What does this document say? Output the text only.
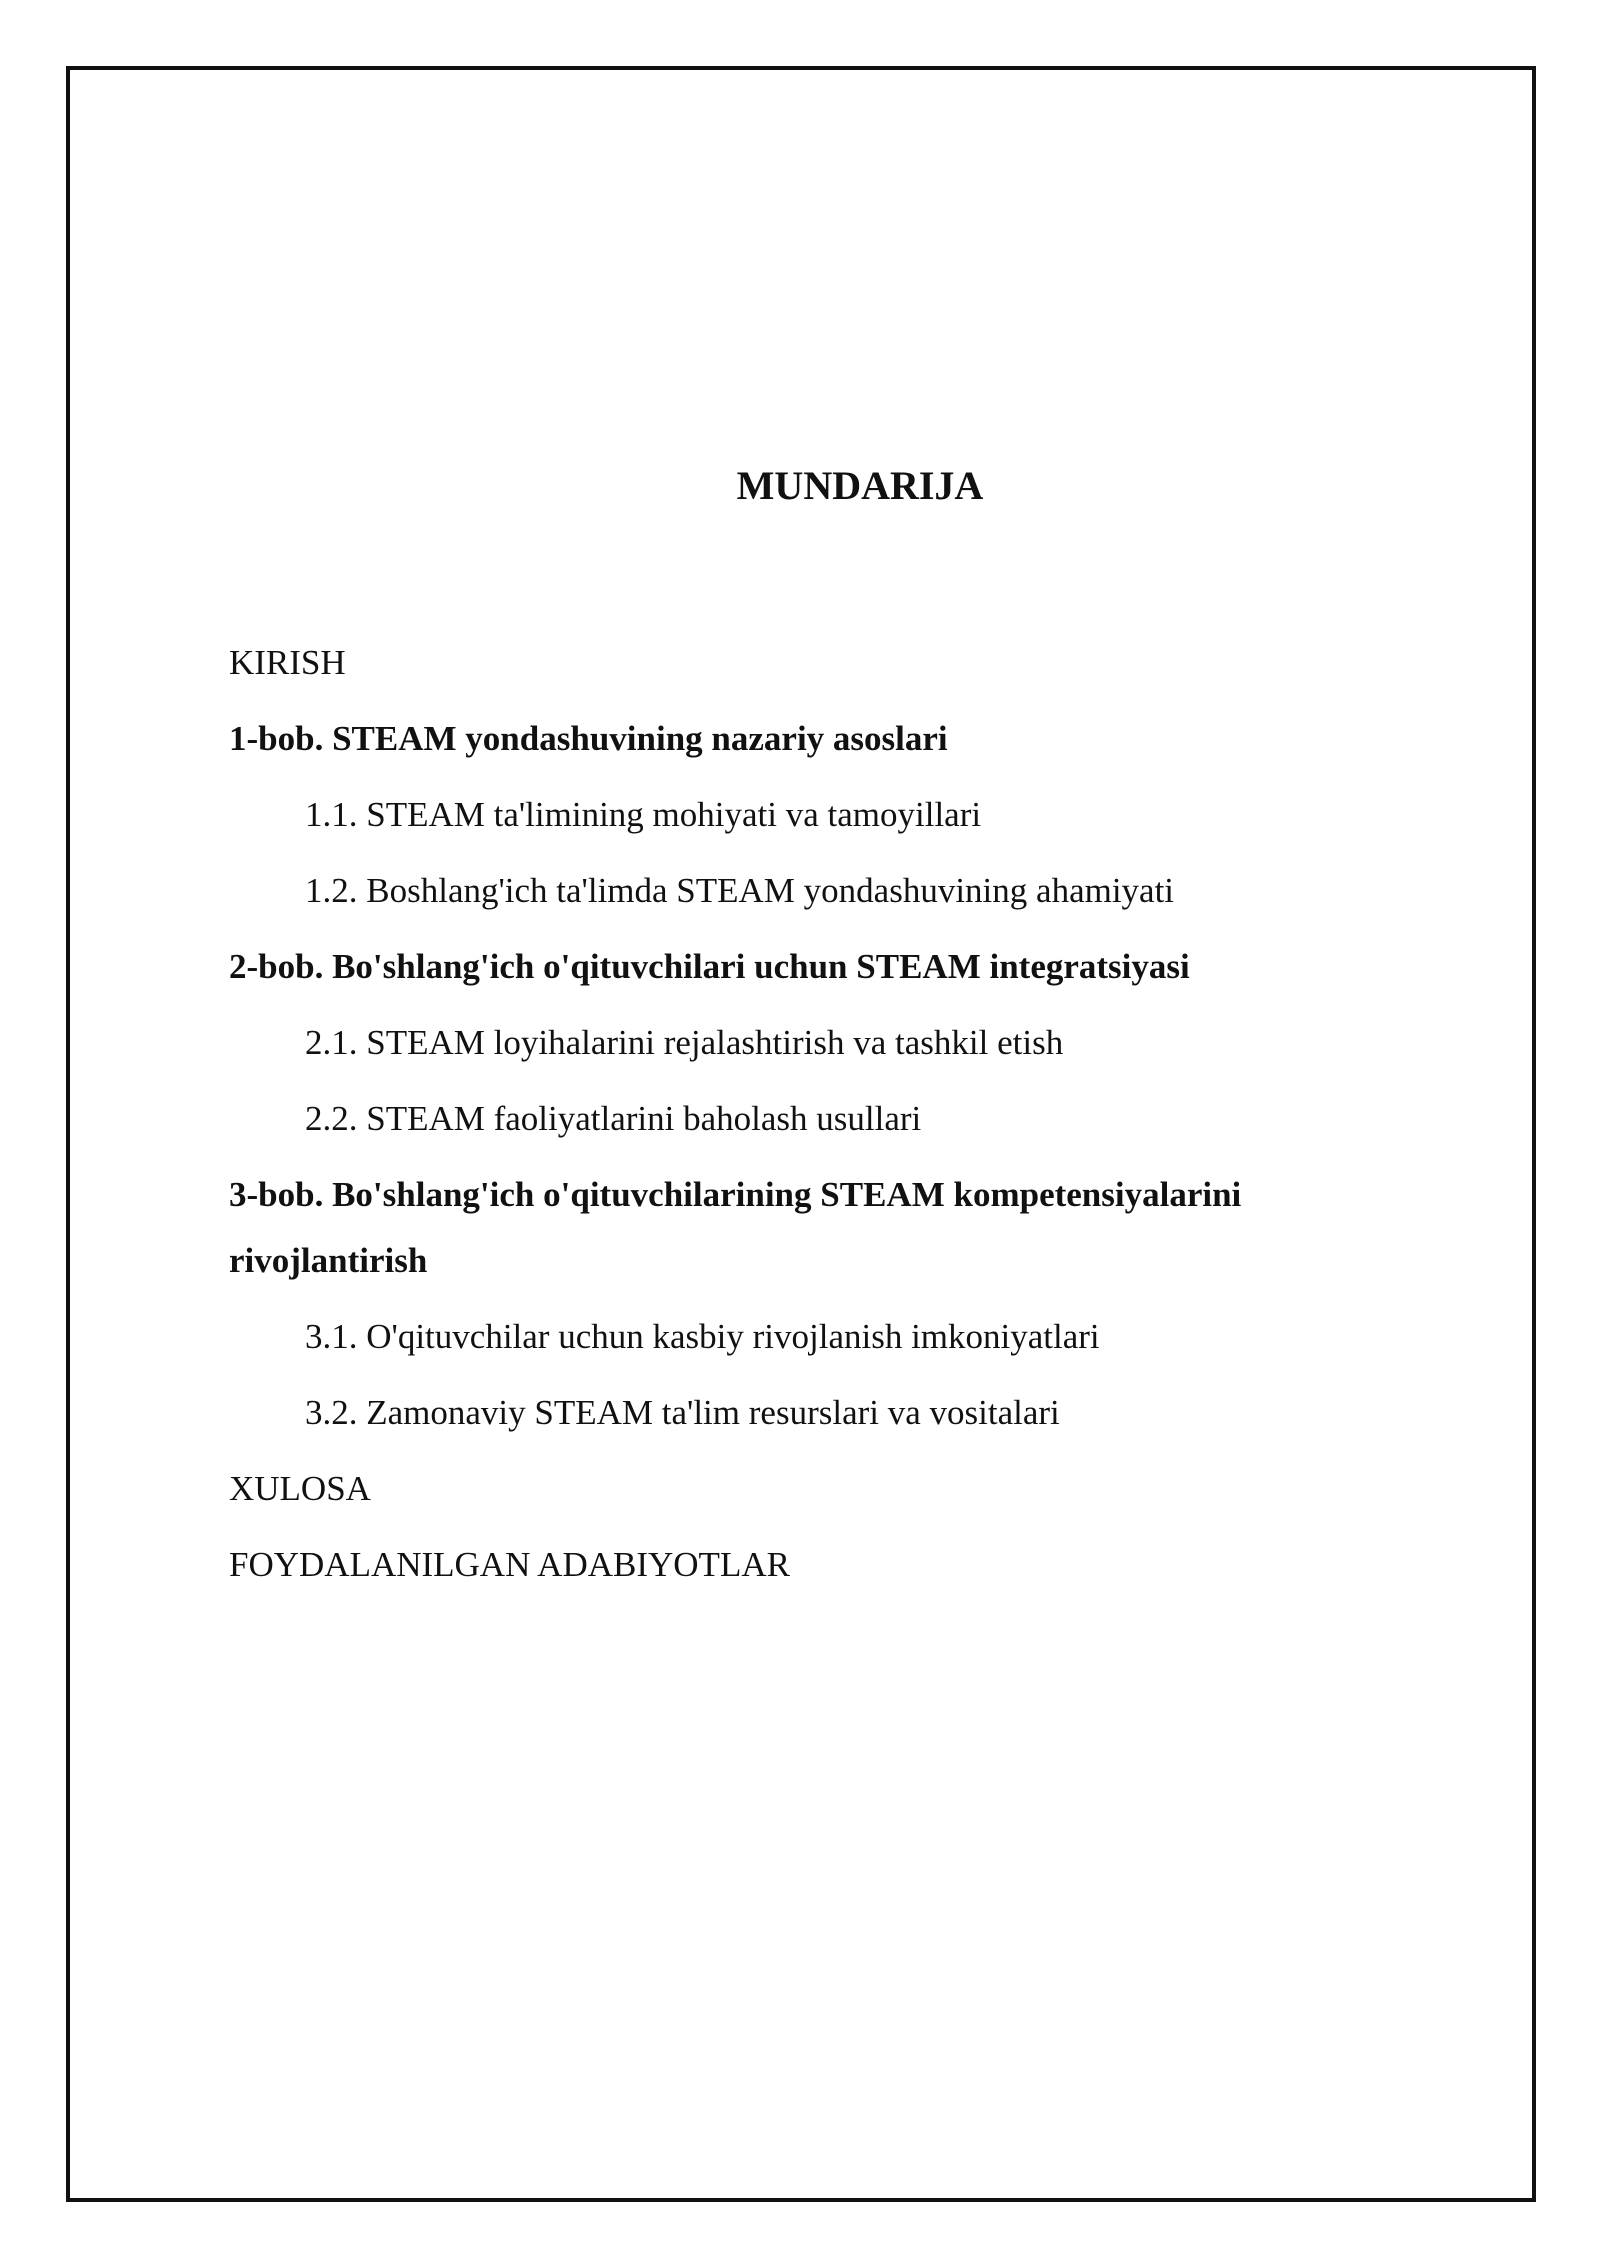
MUNDARIJA
KIRISH
1-bob. STEAM yondashuvining nazariy asoslari
1.1. STEAM ta'limining mohiyati va tamoyillari
1.2. Boshlang'ich ta'limda STEAM yondashuvining ahamiyati
2-bob. Bo'shlang'ich o'qituvchilari uchun STEAM integratsiyasi
2.1. STEAM loyihalarini rejalashtirish va tashkil etish
2.2. STEAM faoliyatlarini baholash usullari
3-bob. Bo'shlang'ich o'qituvchilarining STEAM kompetensiyalarini rivojlantirish
3.1. O'qituvchilar uchun kasbiy rivojlanish imkoniyatlari
3.2. Zamonaviy STEAM ta'lim resurslari va vositalari
XULOSA
FOYDALANILGAN ADABIYOTLAR
